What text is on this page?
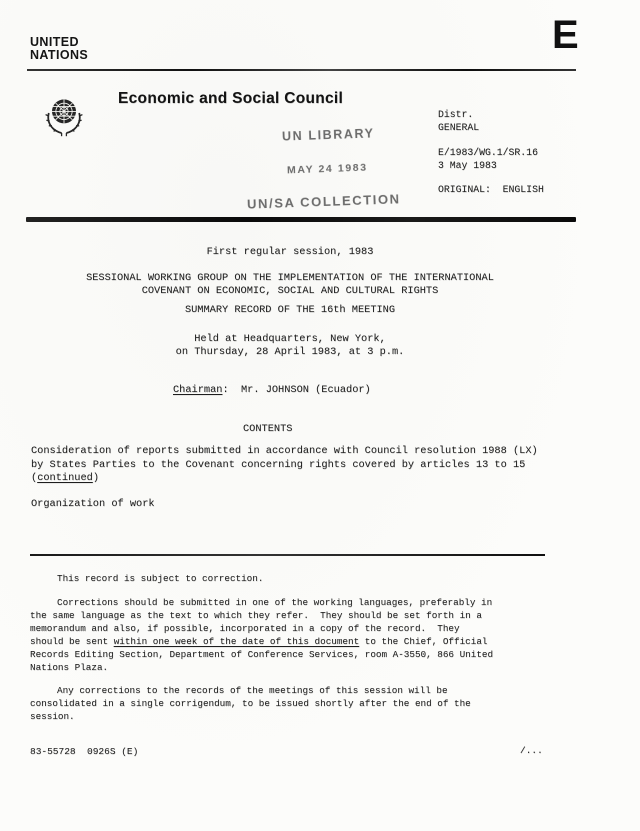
UNITED
NATIONS	E
Economic and Social Council
UN LIBRARY
MAY 24 1983
UN/SA COLLECTION
Distr.
GENERAL
E/1983/WG.1/SR.16
3 May 1983
ORIGINAL:  ENGLISH
First regular session, 1983
SESSIONAL WORKING GROUP ON THE IMPLEMENTATION OF THE INTERNATIONAL
COVENANT ON ECONOMIC, SOCIAL AND CULTURAL RIGHTS
SUMMARY RECORD OF THE 16th MEETING
Held at Headquarters, New York,
on Thursday, 28 April 1983, at 3 p.m.
Chairman:  Mr. JOHNSON (Ecuador)
CONTENTS
Consideration of reports submitted in accordance with Council resolution 1988 (LX)
by States Parties to the Covenant concerning rights covered by articles 13 to 15
(continued)
Organization of work
This record is subject to correction.
Corrections should be submitted in one of the working languages, preferably in
the same language as the text to which they refer.  They should be set forth in a
memorandum and also, if possible, incorporated in a copy of the record.  They
should be sent within one week of the date of this document to the Chief, Official
Records Editing Section, Department of Conference Services, room A-3550, 866 United
Nations Plaza.
Any corrections to the records of the meetings of this session will be
consolidated in a single corrigendum, to be issued shortly after the end of the
session.
83-55728  0926S (E)	/...
